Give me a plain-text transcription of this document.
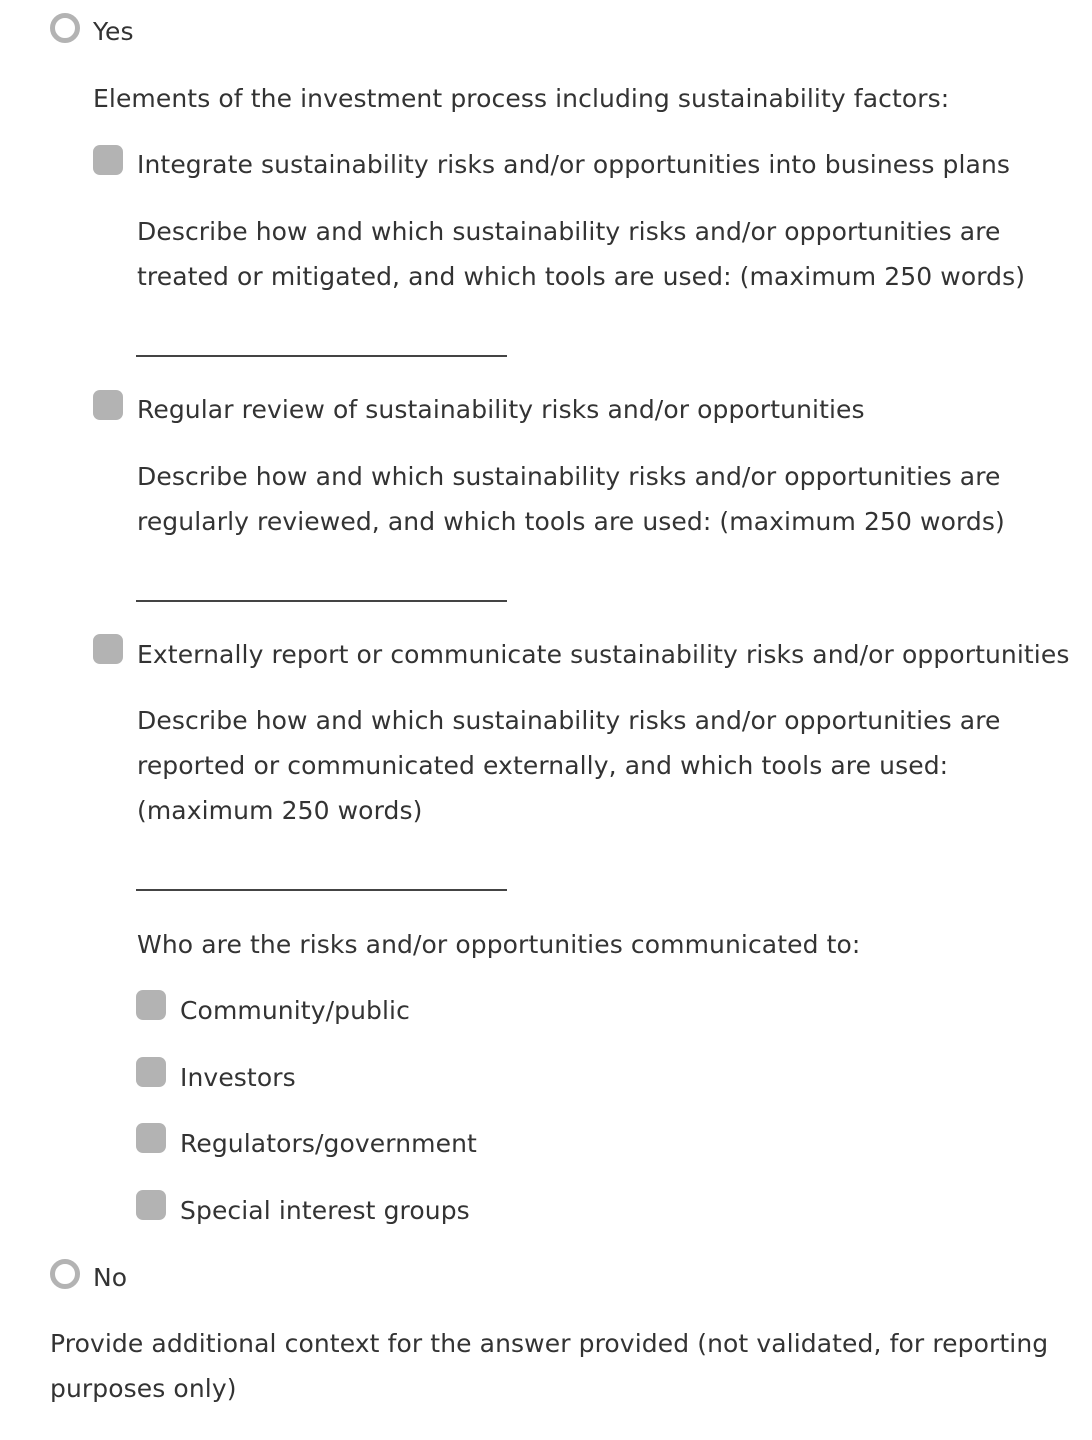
Yes
Elements of the investment process including sustainability factors:
Integrate sustainability risks and/or opportunities into business plans
Describe how and which sustainability risks and/or opportunities are
treated or mitigated, and which tools are used: (maximum 250 words)
Regular review of sustainability risks and/or opportunities
Describe how and which sustainability risks and/or opportunities are
regularly reviewed, and which tools are used: (maximum 250 words)
Externally report or communicate sustainability risks and/or opportunities
Describe how and which sustainability risks and/or opportunities are
reported or communicated externally, and which tools are used:
(maximum 250 words)
Who are the risks and/or opportunities communicated to:
Community/public
Investors
Regulators/government
Special interest groups
No
Provide additional context for the answer provided (not validated, for reporting
purposes only)
